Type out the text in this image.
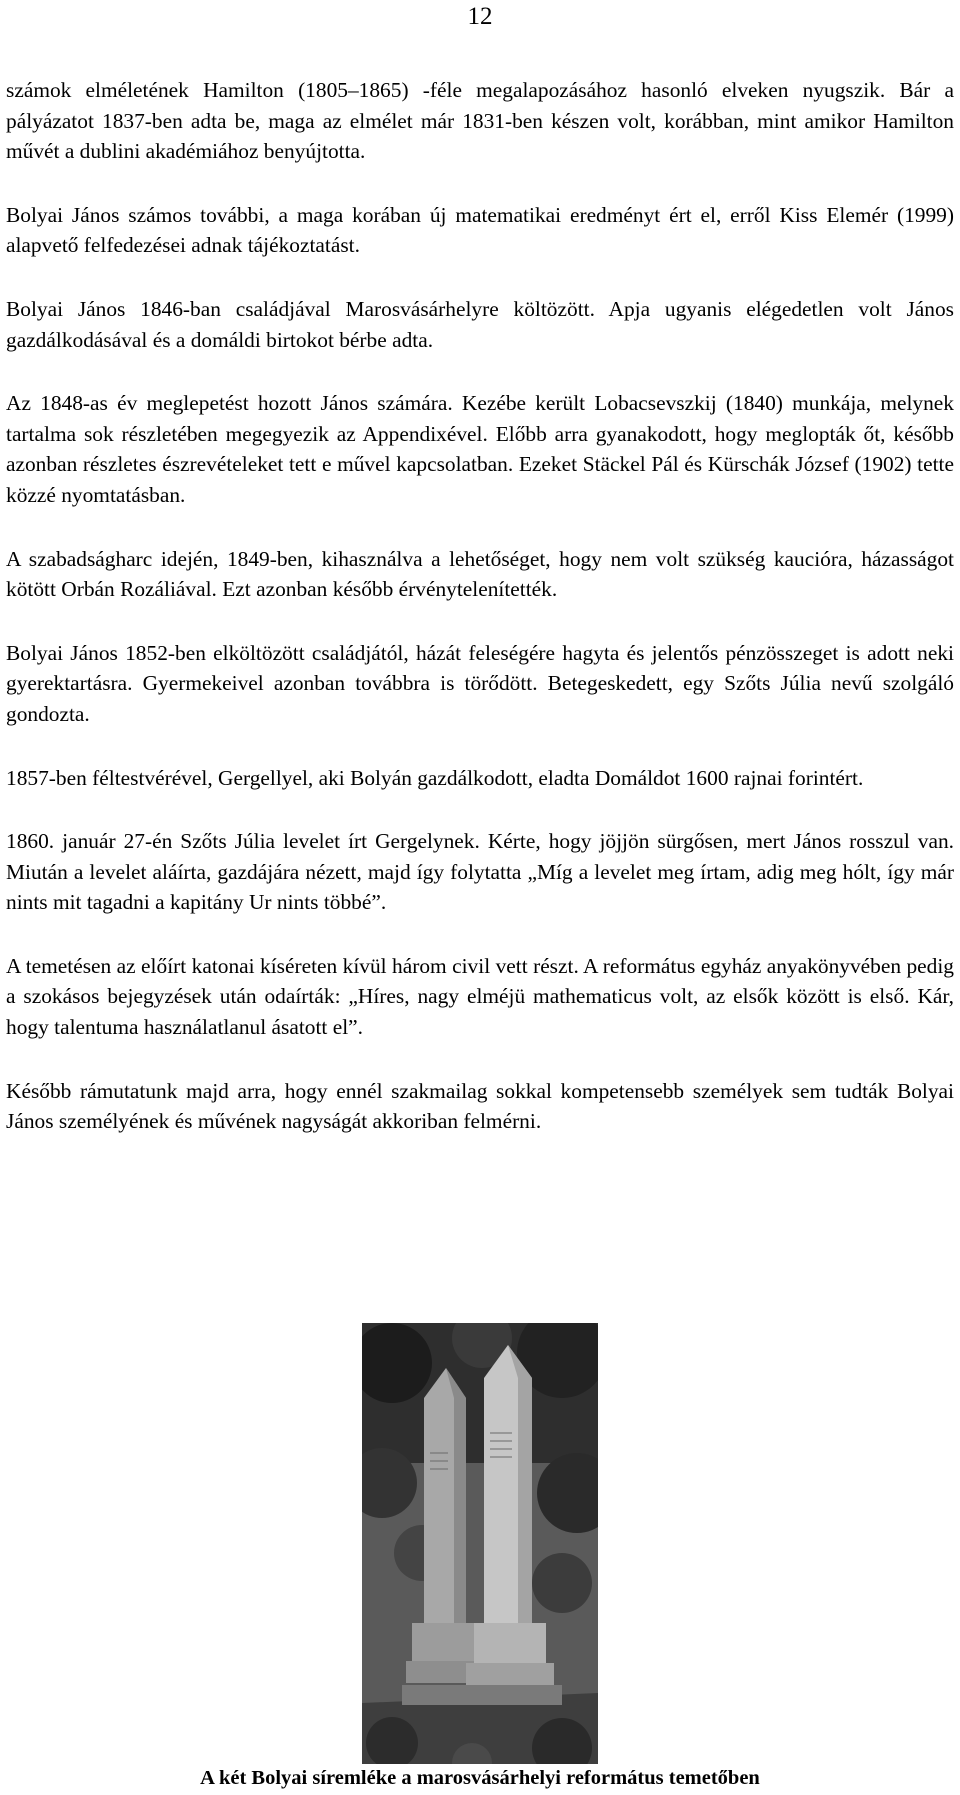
12

számok elméletének Hamilton (1805–1865) -féle megalapozásához hasonló elveken nyugszik. Bár a pályázatot 1837-ben adta be, maga az elmélet már 1831-ben készen volt, korábban, mint amikor Hamilton művét a dublini akadémiához benyújtotta.

Bolyai János számos további, a maga korában új matematikai eredményt ért el, erről Kiss Elemér (1999) alapvető felfedezései adnak tájékoztatást.

Bolyai János 1846-ban családjával Marosvásárhelyre költözött. Apja ugyanis elégedetlen volt János gazdálkodásával és a domáldi birtokot bérbe adta.

Az 1848-as év meglepetést hozott János számára. Kezébe került Lobacsevszkij (1840) munkája, melynek tartalma sok részletében megegyezik az Appendixével. Előbb arra gyanakodott, hogy meglopták őt, később azonban részletes észrevételeket tett e művel kapcsolatban. Ezeket Stäckel Pál és Kürschák József (1902) tette közzé nyomtatásban.

A szabadságharc idején, 1849-ben, kihasználva a lehetőséget, hogy nem volt szükség kaucióra, házasságot kötött Orbán Rozáliával. Ezt azonban később érvénytelenítették.

Bolyai János 1852-ben elköltözött családjától, házát feleségére hagyta és jelentős pénzösszeget is adott neki gyerektartásra. Gyermekeivel azonban továbbra is törődött. Betegeskedett, egy Szőts Júlia nevű szolgáló gondozta.

1857-ben féltestvérével, Gergellyel, aki Bolyán gazdálkodott, eladta Domáldot 1600 rajnai forintért.

1860. január 27-én Szőts Júlia levelet írt Gergelynek. Kérte, hogy jöjjön sürgősen, mert János rosszul van. Miután a levelet aláírta, gazdájára nézett, majd így folytatta „Míg a levelet meg írtam, adig meg hólt, így már nints mit tagadni a kapitány Ur nints többé”.

A temetésen az előírt katonai kíséreten kívül három civil vett részt. A református egyház anyakönyvében pedig a szokásos bejegyzések után odaírták: „Híres, nagy elméjü mathematicus volt, az elsők között is első. Kár, hogy talentuma használatlanul ásatott el”.

Később rámutatunk majd arra, hogy ennél szakmailag sokkal kompetensebb személyek sem tudták Bolyai János személyének és művének nagyságát akkoriban felmérni.

A két Bolyai síremléke a marosvásárhelyi református temetőben
